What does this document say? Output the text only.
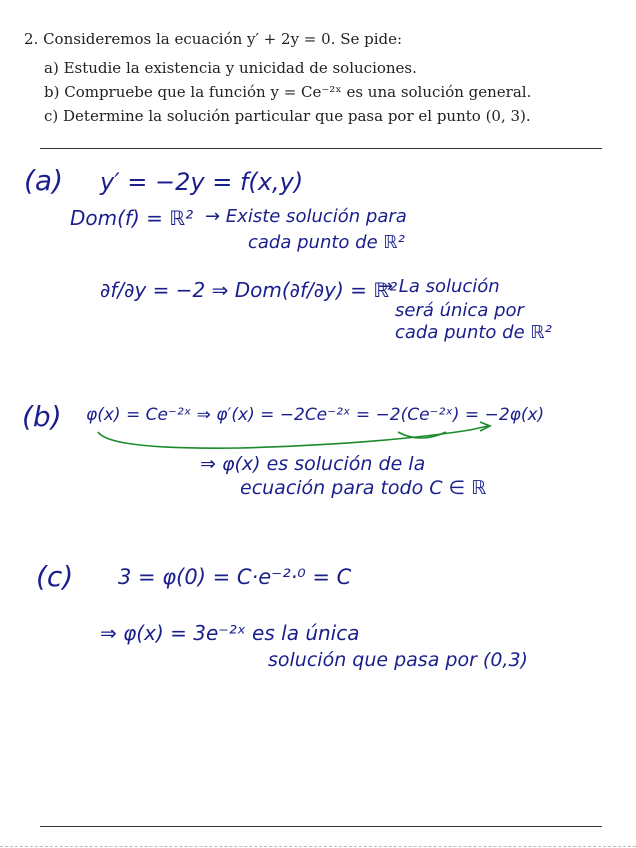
2. Consideremos la ecuación y′ + 2y = 0. Se pide:
a) Estudie la existencia y unicidad de soluciones.
b) Compruebe que la función y = Ce⁻²ˣ es una solución general.
c) Determine la solución particular que pasa por el punto (0, 3).
(a) y′ = −2y = f(x,y)
Dom(f) = ℝ² → Existe solución para
cada punto de ℝ²
∂f/∂y = −2 ⇒ Dom(∂f/∂y) = ℝ²
→ La solución
será única por
cada punto de ℝ²
(b) φ(x) = Ce⁻²ˣ ⇒ φ′(x) = −2Ce⁻²ˣ = −2(Ce⁻²ˣ) = −2φ(x)
⇒ φ(x) es solución de la
ecuación para todo C ∈ ℝ
(c) 3 = φ(0) = C·e⁻²·⁰ = C
⇒ φ(x) = 3e⁻²ˣ es la única
solución que pasa por (0,3)
